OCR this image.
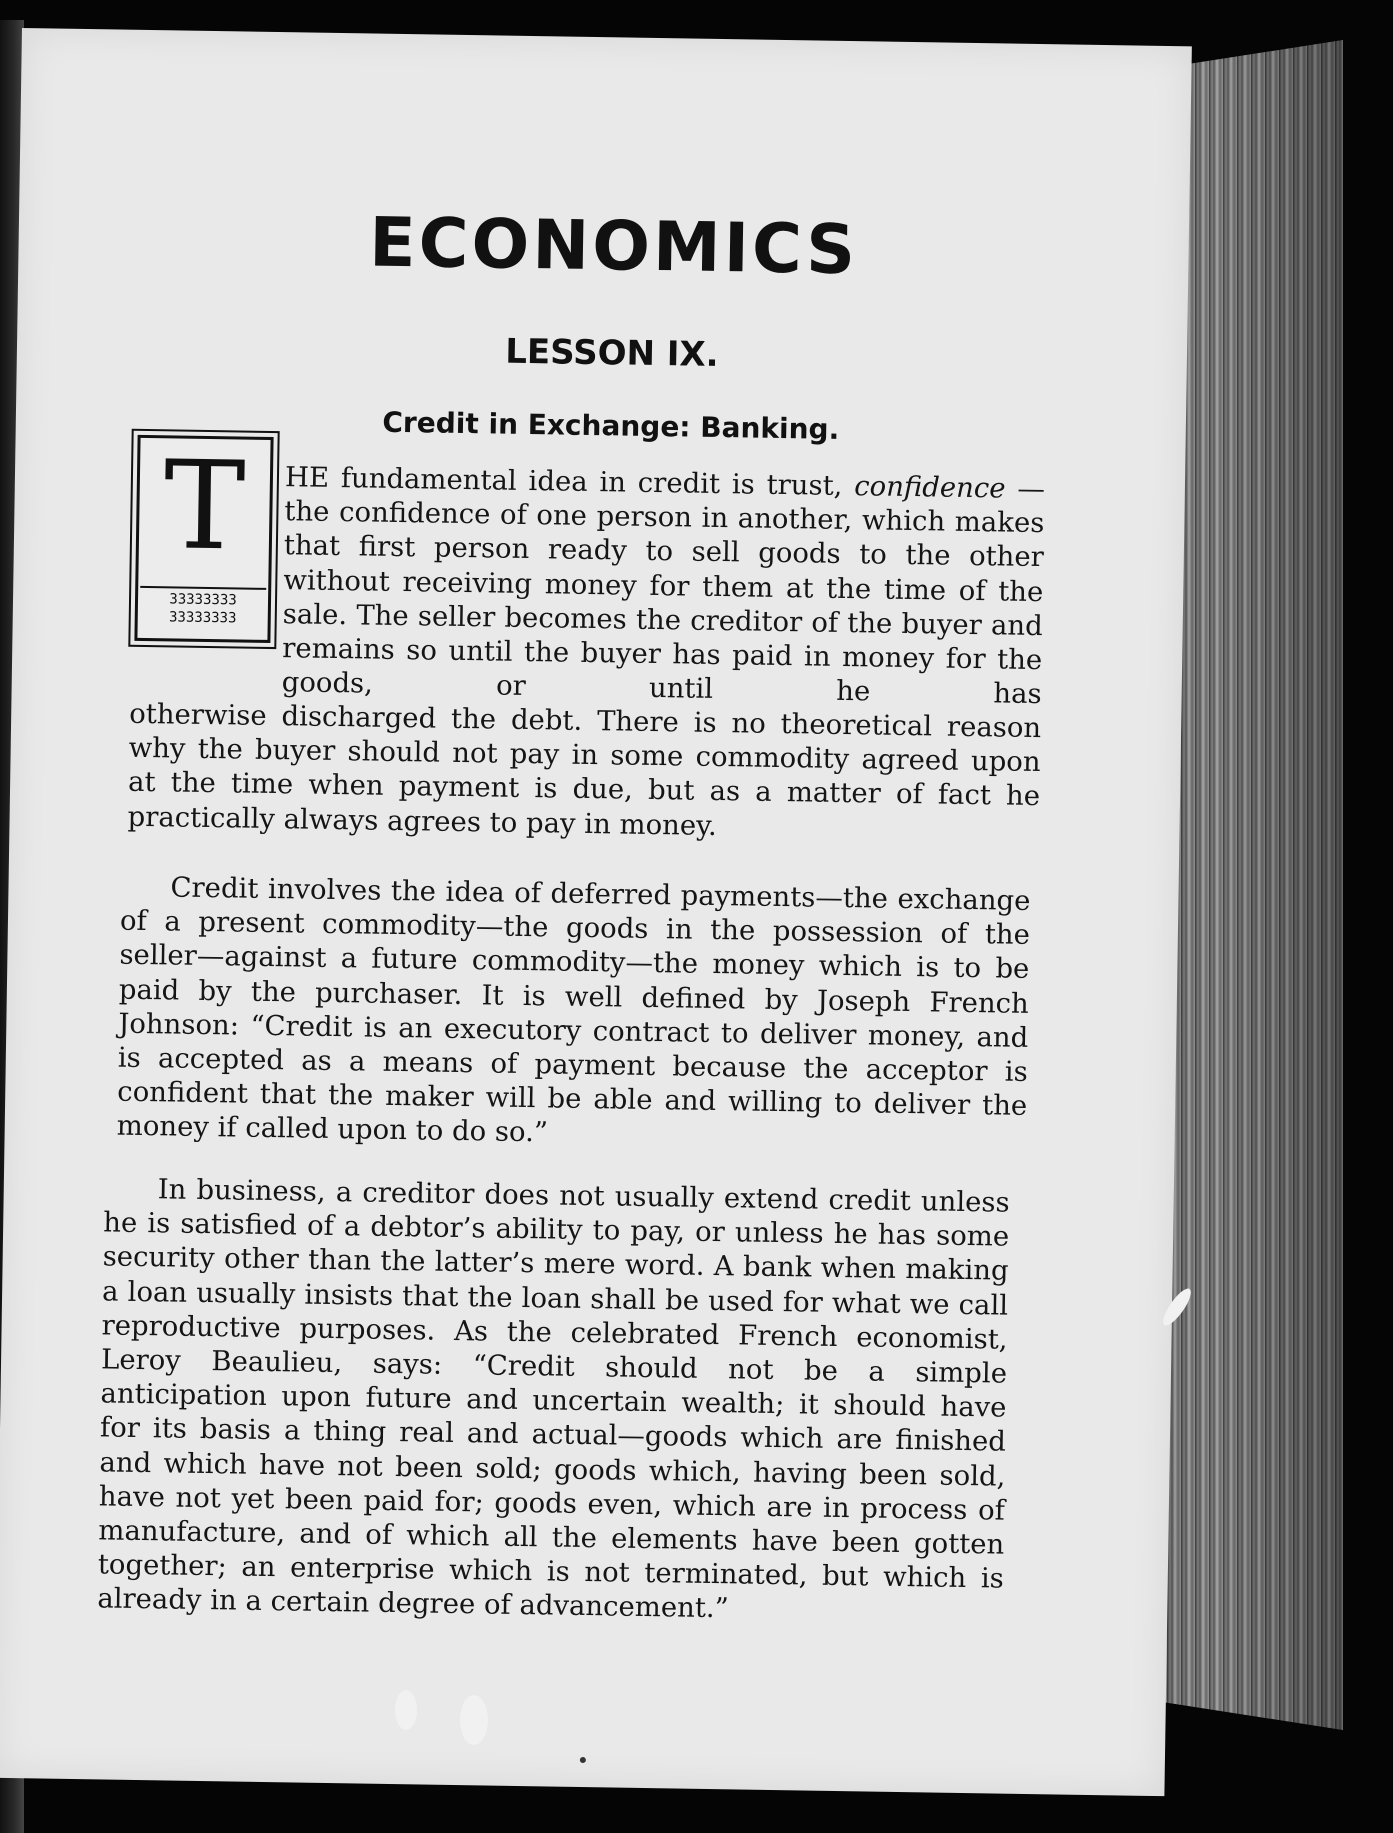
ECONOMICS
LESSON IX.
Credit in Exchange: Banking.
T
33333333
33333333

HE fundamental idea in credit is trust, confidence —the confidence of one person in another, which makes that first person ready to sell goods to the other without receiving money for them at the time of the sale. The seller becomes the creditor of the buyer and remains so until the buyer has paid in money for the goods, or until he has

otherwise discharged the debt. There is no theoretical reason why the buyer should not pay in some commodity agreed upon at the time when payment is due, but as a matter of fact he practically always agrees to pay in money.

Credit involves the idea of deferred payments—the exchange of a present commodity—the goods in the possession of the seller—against a future commodity—the money which is to be paid by the purchaser. It is well defined by Joseph French Johnson: “Credit is an executory contract to deliver money, and is accepted as a means of payment because the acceptor is confident that the maker will be able and willing to deliver the money if called upon to do so.”

In business, a creditor does not usually extend credit unless he is satisfied of a debtor’s ability to pay, or unless he has some security other than the latter’s mere word. A bank when making a loan usually insists that the loan shall be used for what we call reproductive purposes. As the celebrated French economist, Leroy Beaulieu, says: “Credit should not be a simple anticipation upon future and uncertain wealth; it should have for its basis a thing real and actual—goods which are finished and which have not been sold; goods which, having been sold, have not yet been paid for; goods even, which are in process of manufacture, and of which all the elements have been gotten together; an enterprise which is not terminated, but which is already in a certain degree of advancement.”
